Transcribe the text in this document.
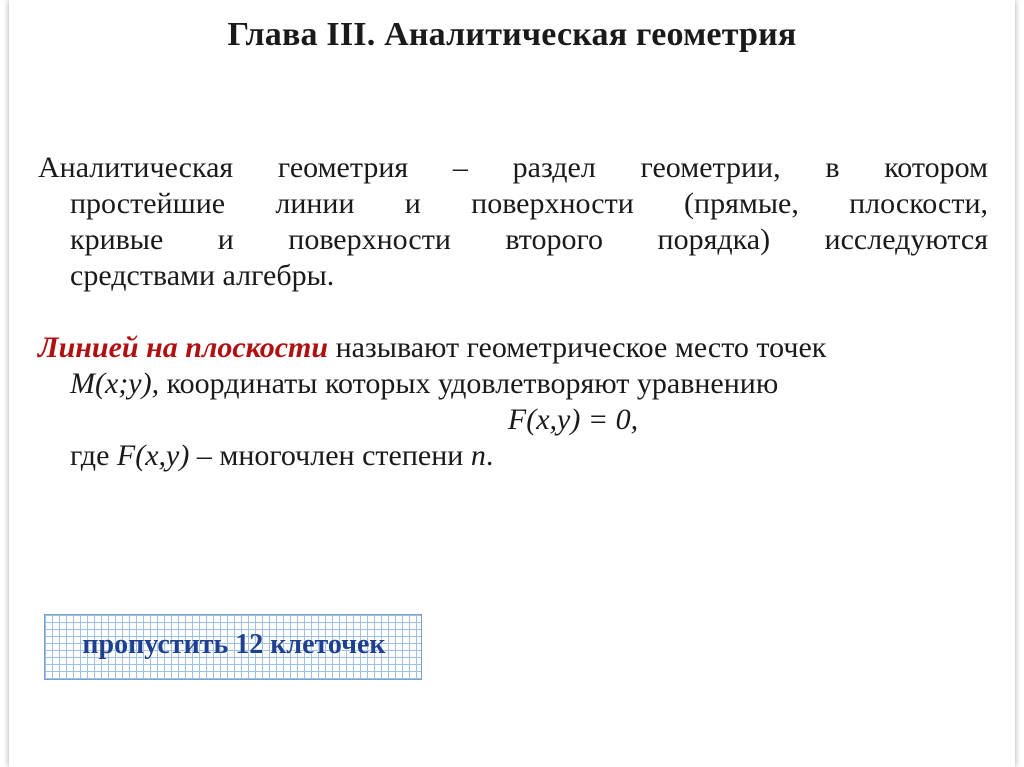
Глава III. Аналитическая геометрия
Аналитическая геометрия – раздел геометрии, в котором
простейшие линии и поверхности (прямые, плоскости,
кривые и поверхности второго порядка) исследуются
средствами алгебры.
Линией на плоскости называют геометрическое место точек
M(x;y), координаты которых удовлетворяют уравнению
F(x,y) = 0,
где F(x,y) – многочлен степени n.
пропустить 12 клеточек
